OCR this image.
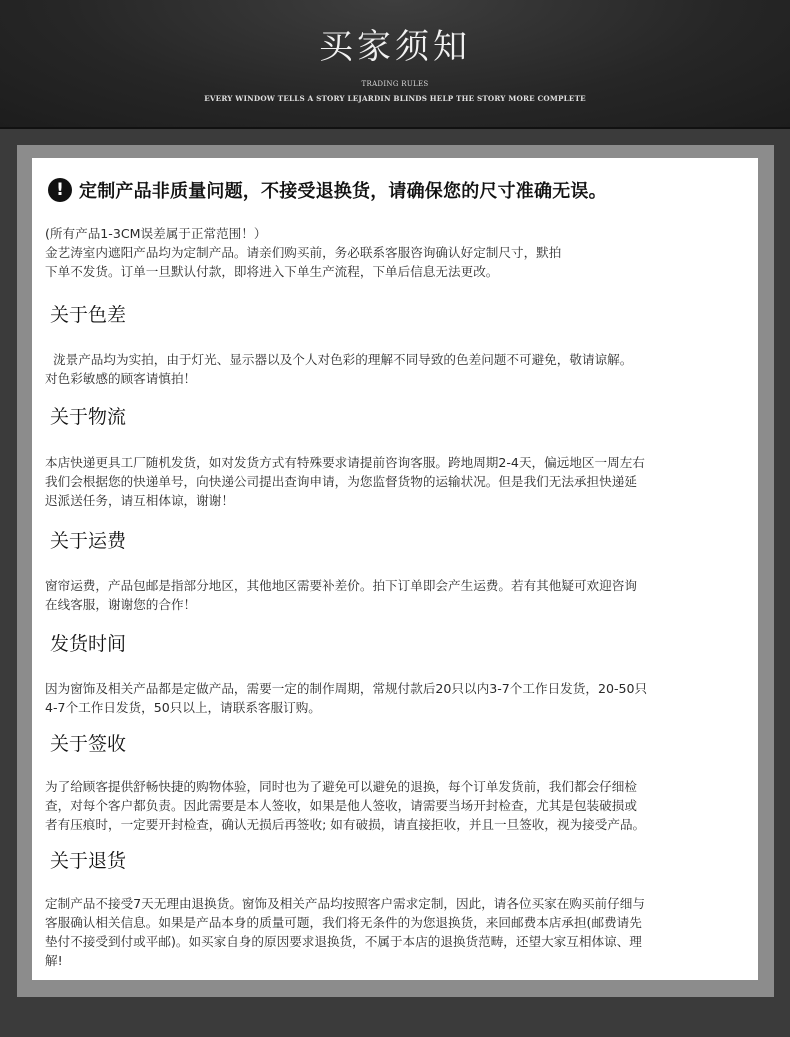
买家须知
TRADING RULES
EVERY WINDOW TELLS A STORY LEJARDIN BLINDS HELP THE STORY MORE COMPLETE
! 定制产品非质量问题，不接受退换货，请确保您的尺寸准确无误。
(所有产品1-3CM误差属于正常范围！）
金艺涛室内遮阳产品均为定制产品。请亲们购买前，务必联系客服咨询确认好定制尺寸，默拍
下单不发货。订单一旦默认付款，即将进入下单生产流程，下单后信息无法更改。
关于色差
泷景产品均为实拍，由于灯光、显示器以及个人对色彩的理解不同导致的色差问题不可避免，敬请谅解。
对色彩敏感的顾客请慎拍！
关于物流
本店快递更具工厂随机发货，如对发货方式有特殊要求请提前咨询客服。跨地周期2-4天，偏远地区一周左右
我们会根据您的快递单号，向快递公司提出查询申请，为您监督货物的运输状况。但是我们无法承担快递延
迟派送任务，请互相体谅，谢谢！
关于运费
窗帘运费，产品包邮是指部分地区，其他地区需要补差价。拍下订单即会产生运费。若有其他疑可欢迎咨询
在线客服，谢谢您的合作！
发货时间
因为窗饰及相关产品都是定做产品，需要一定的制作周期，常规付款后20只以内3-7个工作日发货，20-50只
4-7个工作日发货，50只以上，请联系客服订购。
关于签收
为了给顾客提供舒畅快捷的购物体验，同时也为了避免可以避免的退换，每个订单发货前，我们都会仔细检
查，对每个客户都负责。因此需要是本人签收，如果是他人签收，请需要当场开封检查，尤其是包装破损或
者有压痕时，一定要开封检查，确认无损后再签收; 如有破损，请直接拒收，并且一旦签收，视为接受产品。
关于退货
定制产品不接受7天无理由退换货。窗饰及相关产品均按照客户需求定制，因此，请各位买家在购买前仔细与
客服确认相关信息。如果是产品本身的质量可题，我们将无条件的为您退换货，来回邮费本店承担(邮费请先
垫付不接受到付或平邮)。如买家自身的原因要求退换货，不属于本店的退换货范畴，还望大家互相体谅、理
解!
